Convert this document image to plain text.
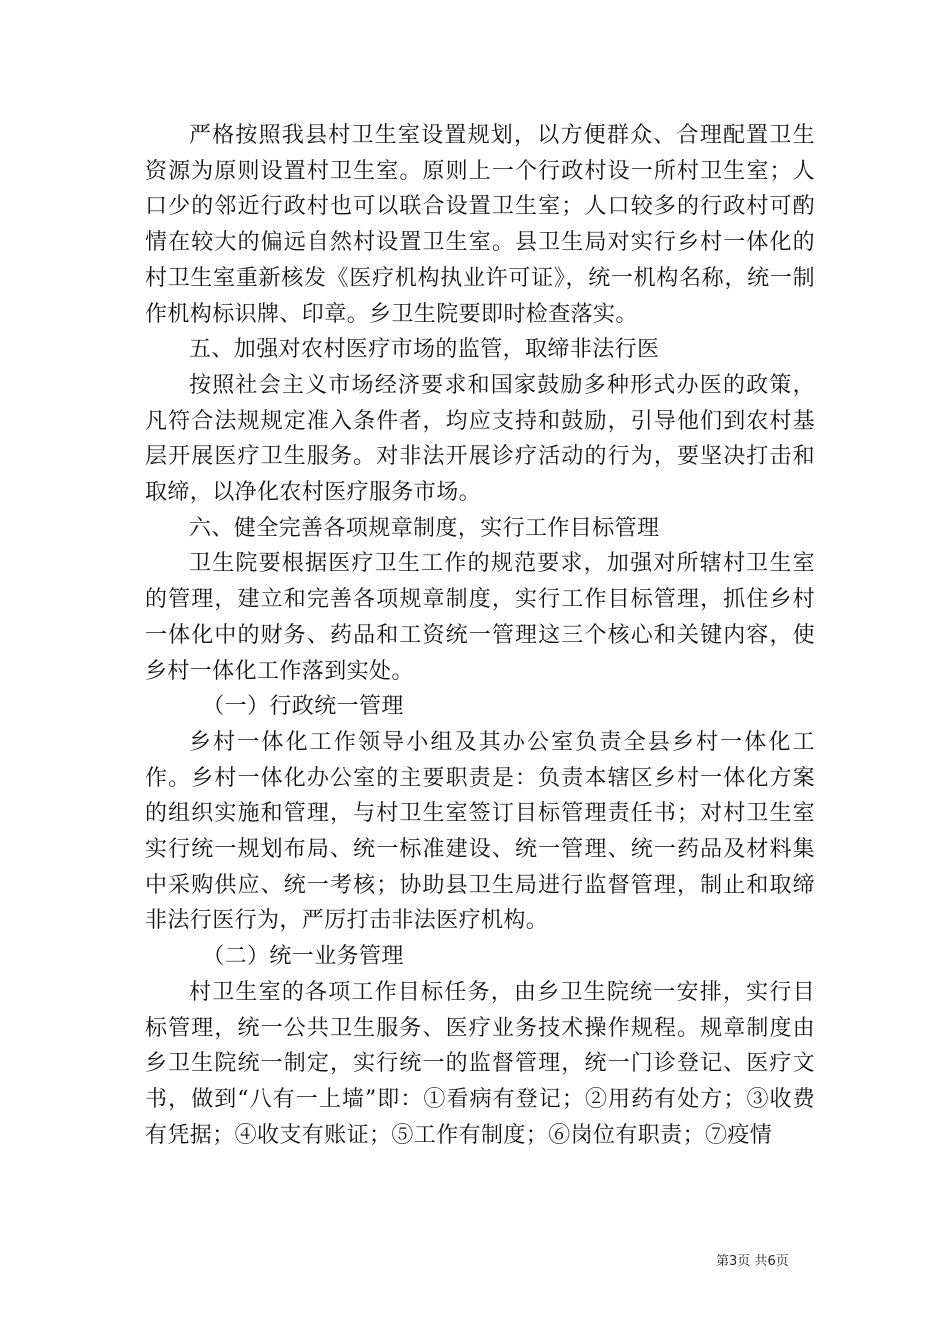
严格按照我县村卫生室设置规划，以方便群众、合理配置卫生资源为原则设置村卫生室。原则上一个行政村设一所村卫生室；人口少的邻近行政村也可以联合设置卫生室；人口较多的行政村可酌情在较大的偏远自然村设置卫生室。县卫生局对实行乡村一体化的村卫生室重新核发《医疗机构执业许可证》，统一机构名称，统一制作机构标识牌、印章。乡卫生院要即时检查落实。

五、加强对农村医疗市场的监管，取缔非法行医

按照社会主义市场经济要求和国家鼓励多种形式办医的政策，凡符合法规规定准入条件者，均应支持和鼓励，引导他们到农村基层开展医疗卫生服务。对非法开展诊疗活动的行为，要坚决打击和取缔，以净化农村医疗服务市场。

六、健全完善各项规章制度，实行工作目标管理

卫生院要根据医疗卫生工作的规范要求，加强对所辖村卫生室的管理，建立和完善各项规章制度，实行工作目标管理，抓住乡村一体化中的财务、药品和工资统一管理这三个核心和关键内容，使乡村一体化工作落到实处。

（一）行政统一管理

乡村一体化工作领导小组及其办公室负责全县乡村一体化工作。乡村一体化办公室的主要职责是：负责本辖区乡村一体化方案的组织实施和管理，与村卫生室签订目标管理责任书；对村卫生室实行统一规划布局、统一标准建设、统一管理、统一药品及材料集中采购供应、统一考核；协助县卫生局进行监督管理，制止和取缔非法行医行为，严厉打击非法医疗机构。

（二）统一业务管理

村卫生室的各项工作目标任务，由乡卫生院统一安排，实行目标管理，统一公共卫生服务、医疗业务技术操作规程。规章制度由乡卫生院统一制定，实行统一的监督管理，统一门诊登记、医疗文书，做到“八有一上墙”即：①看病有登记；②用药有处方；③收费有凭据；④收支有账证；⑤工作有制度；⑥岗位有职责；⑦疫情

第3页 共6页
